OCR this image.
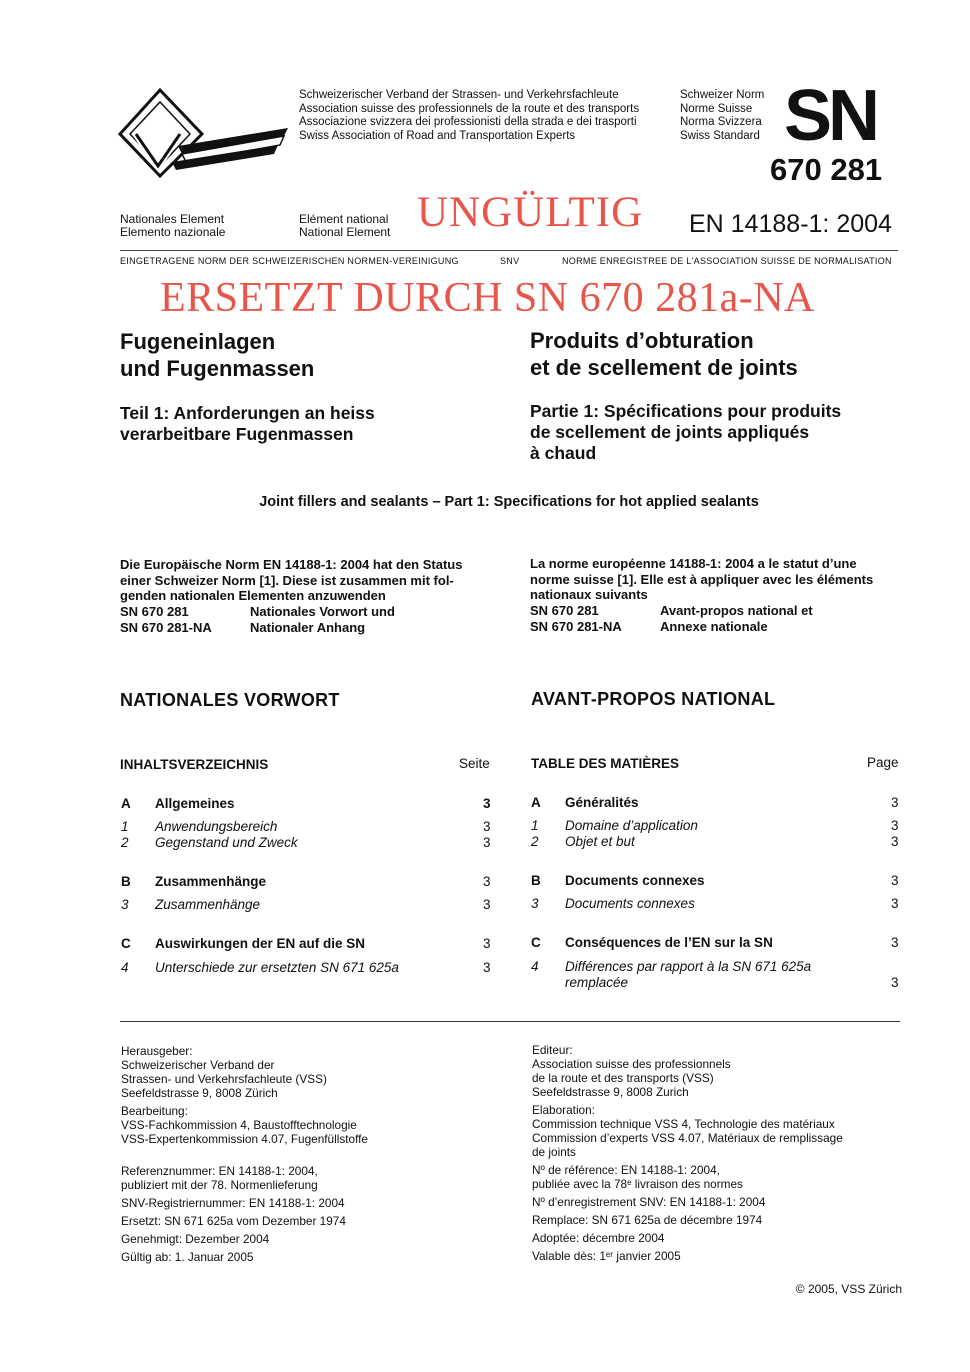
Schweizerischer Verband der Strassen- und Verkehrsfachleute
Association suisse des professionnels de la route et des transports
Associazione svizzera dei professionisti della strada e dei trasporti
Swiss Association of Road and Transportation Experts
Schweizer Norm
Norme Suisse
Norma Svizzera
Swiss Standard SN
670 281
Nationales Element
Elemento nazionale
Elément national
National Element UNGÜLTIG EN 14188-1: 2004
EINGETRAGENE NORM DER SCHWEIZERISCHEN NORMEN-VEREINIGUNG	SNV	NORME ENREGISTREE DE L'ASSOCIATION SUISSE DE NORMALISATION
ERSETZT DURCH SN 670 281a-NA
Fugeneinlagen
und Fugenmassen
Produits d’obturation
et de scellement de joints
Teil 1: Anforderungen an heiss
verarbeitbare Fugenmassen
Partie 1: Spécifications pour produits
de scellement de joints appliqués
à chaud
Joint fillers and sealants – Part 1: Specifications for hot applied sealants
Die Europäische Norm EN 14188-1: 2004 hat den Status
einer Schweizer Norm [1]. Diese ist zusammen mit fol-
genden nationalen Elementen anzuwenden
SN 670 281	Nationales Vorwort und
SN 670 281-NA	Nationaler Anhang
La norme européenne 14188-1: 2004 a le statut d’une
norme suisse [1]. Elle est à appliquer avec les éléments
nationaux suivants
SN 670 281	Avant-propos national et
SN 670 281-NA	Annexe nationale
NATIONALES VORWORT	AVANT-PROPOS NATIONAL
INHALTSVERZEICHNIS	Seite	TABLE DES MATIÈRES	Page
A Allgemeines	3
1 Anwendungsbereich	3
2 Gegenstand und Zweck	3
B Zusammenhänge	3
3 Zusammenhänge	3
C Auswirkungen der EN auf die SN	3
4 Unterschiede zur ersetzten SN 671 625a	3
A Généralités	3
1 Domaine d’application	3
2 Objet et but	3
B Documents connexes	3
3 Documents connexes	3
C Conséquences de l’EN sur la SN	3
4 Différences par rapport à la SN 671 625a
remplacée	3

Herausgeber:

Schweizerischer Verband der

Strassen- und Verkehrsfachleute (VSS)

Seefeldstrasse 9, 8008 Zürich

Bearbeitung:

VSS-Fachkommission 4, Baustofftechnologie

VSS-Expertenkommission 4.07, Fugenfüllstoffe

Referenznummer: EN 14188-1: 2004,

publiziert mit der 78. Normenlieferung

SNV-Registriernummer: EN 14188-1: 2004

Ersetzt: SN 671 625a vom Dezember 1974

Genehmigt: Dezember 2004

Gültig ab: 1. Januar 2005

Editeur:

Association suisse des professionnels

de la route et des transports (VSS)

Seefeldstrasse 9, 8008 Zurich

Elaboration:

Commission technique VSS 4, Technologie des matériaux

Commission d’experts VSS 4.07, Matériaux de remplissage

de joints

Nº de référence: EN 14188-1: 2004,

publiée avec la 78ᵉ livraison des normes

Nº d’enregistrement SNV: EN 14188-1: 2004

Remplace: SN 671 625a de décembre 1974

Adoptée: décembre 2004

Valable dès: 1ᵉʳ janvier 2005

© 2005, VSS Zürich
